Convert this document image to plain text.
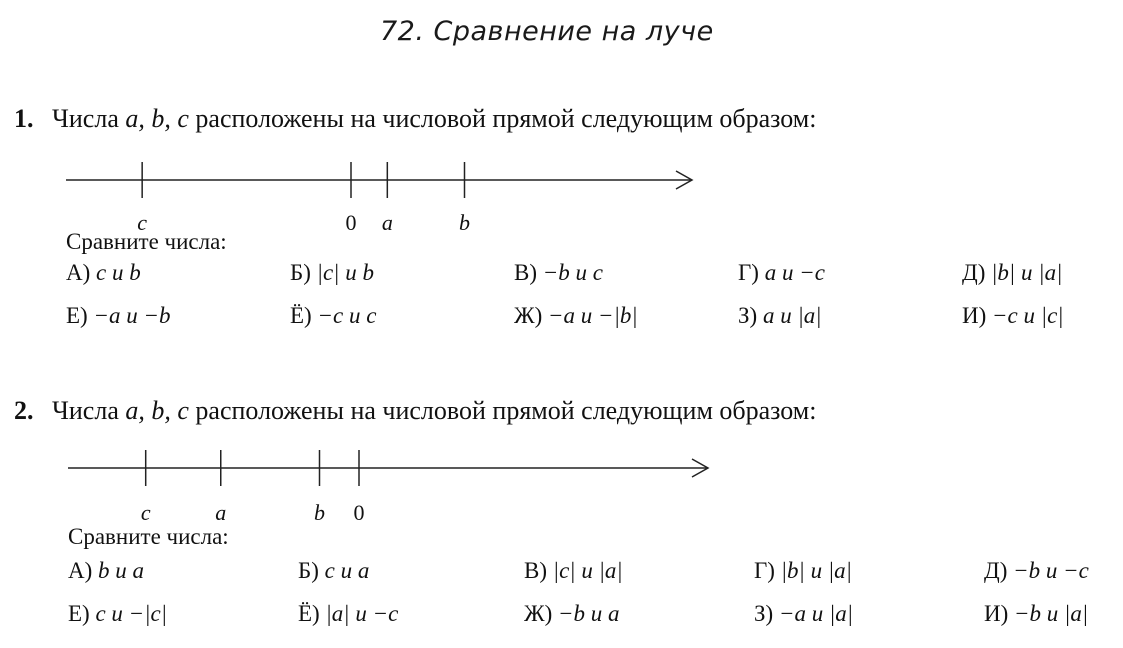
72. Сравнение на луче
1. Числа a, b, c расположены на числовой прямой следующим образом:
c	0 a	b
Сравните числа:
А) c и b	Б) |c| и b	В) −b и c	Г) a и −c	Д) |b| и |a|
Е) −a и −b	Ё) −c и c	Ж) −a и −|b|	З) a и |a|	И) −c и |c|
2. Числа a, b, c расположены на числовой прямой следующим образом:
c	a	b 0
Сравните числа:
А) b и a	Б) c и a	В) |c| и |a|	Г) |b| и |a|	Д) −b и −c
Е) c и −|c|	Ё) |a| и −c	Ж) −b и a	З) −a и |a|	И) −b и |a|
